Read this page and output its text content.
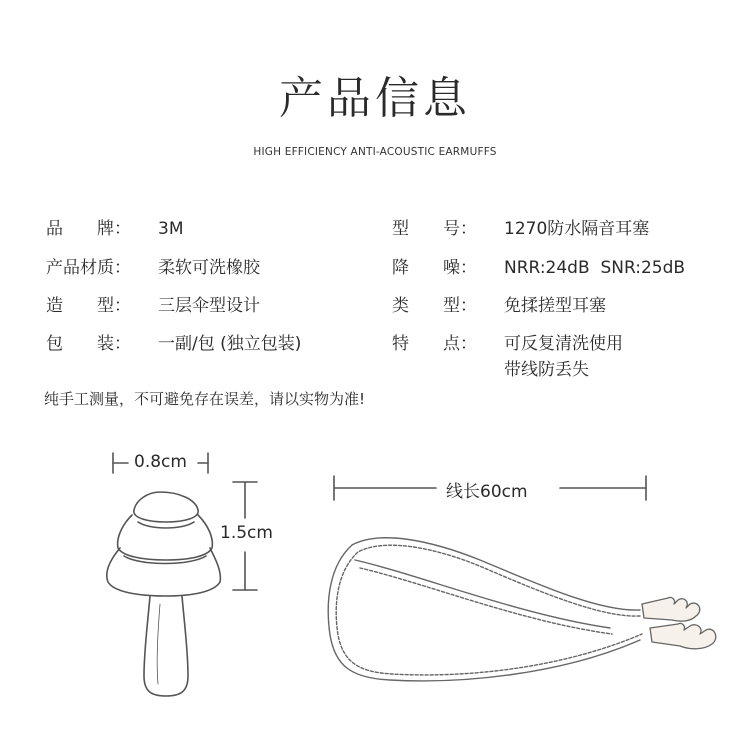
产品信息
HIGH EFFICIENCY ANTI-ACOUSTIC EARMUFFS
品　　牌： 3M
产品材质： 柔软可洗橡胶
造　　型： 三层伞型设计
包　　装： 一副/包 (独立包装)
型　　号： 1270防水隔音耳塞
降　　噪： NRR:24dB  SNR:25dB
类　　型： 免揉搓型耳塞
特　　点： 可反复清洗使用
带线防丢失
纯手工测量，不可避免存在误差，请以实物为准!
0.8cm
1.5cm
线长60cm
